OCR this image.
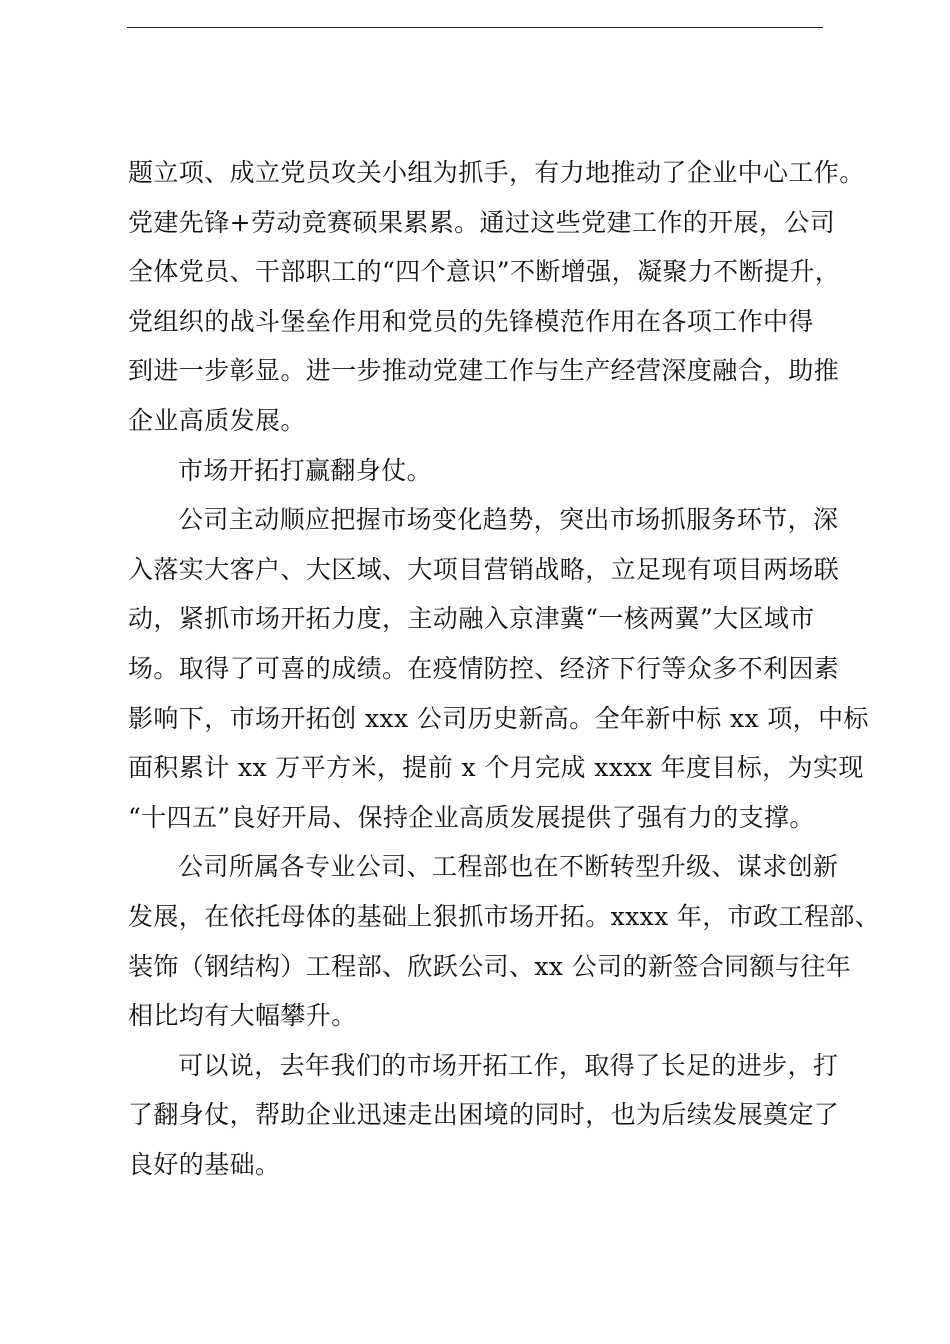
题立项、成立党员攻关小组为抓手，有力地推动了企业中心工作。
党建先锋+劳动竞赛硕果累累。通过这些党建工作的开展，公司
全体党员、干部职工的“四个意识”不断增强，凝聚力不断提升，
党组织的战斗堡垒作用和党员的先锋模范作用在各项工作中得
到进一步彰显。进一步推动党建工作与生产经营深度融合，助推
企业高质发展。
市场开拓打赢翻身仗。
公司主动顺应把握市场变化趋势，突出市场抓服务环节，深
入落实大客户、大区域、大项目营销战略，立足现有项目两场联
动，紧抓市场开拓力度，主动融入京津冀“一核两翼”大区域市
场。取得了可喜的成绩。在疫情防控、经济下行等众多不利因素
影响下，市场开拓创 xxx 公司历史新高。全年新中标 xx 项，中标
面积累计 xx 万平方米，提前 x 个月完成 xxxx 年度目标，为实现
“十四五”良好开局、保持企业高质发展提供了强有力的支撑。
公司所属各专业公司、工程部也在不断转型升级、谋求创新
发展，在依托母体的基础上狠抓市场开拓。xxxx 年，市政工程部、
装饰（钢结构）工程部、欣跃公司、xx 公司的新签合同额与往年
相比均有大幅攀升。
可以说，去年我们的市场开拓工作，取得了长足的进步，打
了翻身仗，帮助企业迅速走出困境的同时，也为后续发展奠定了
良好的基础。
